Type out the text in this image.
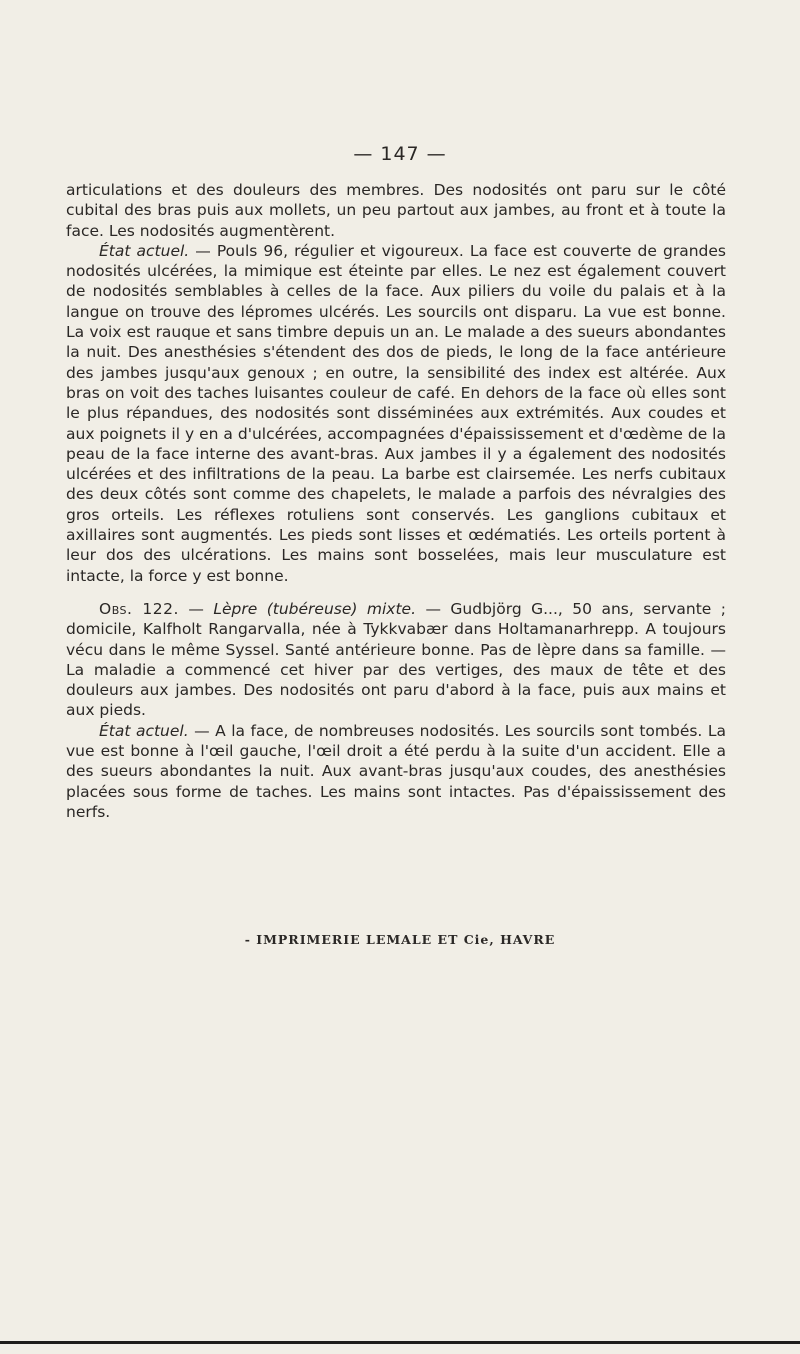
— 147 —

articulations et des douleurs des membres. Des nodosités ont paru sur le côté cubital des bras puis aux mollets, un peu partout aux jambes, au front et à toute la face. Les nodosités augmentèrent.

État actuel. — Pouls 96, régulier et vigoureux. La face est couverte de grandes nodosités ulcérées, la mimique est éteinte par elles. Le nez est également couvert de nodosités semblables à celles de la face. Aux piliers du voile du palais et à la langue on trouve des lépromes ulcérés. Les sourcils ont disparu. La vue est bonne. La voix est rauque et sans timbre depuis un an. Le malade a des sueurs abondantes la nuit. Des anesthésies s'étendent des dos de pieds, le long de la face antérieure des jambes jusqu'aux genoux ; en outre, la sensibilité des index est altérée. Aux bras on voit des taches luisantes couleur de café. En dehors de la face où elles sont le plus répandues, des nodosités sont disséminées aux extrémités. Aux coudes et aux poignets il y en a d'ulcérées, accompagnées d'épaississement et d'œdème de la peau de la face interne des avant-bras. Aux jambes il y a également des nodosités ulcérées et des infiltrations de la peau. La barbe est clairsemée. Les nerfs cubitaux des deux côtés sont comme des chapelets, le malade a parfois des névralgies des gros orteils. Les réflexes rotuliens sont conservés. Les ganglions cubitaux et axillaires sont augmentés. Les pieds sont lisses et œdématiés. Les orteils portent à leur dos des ulcérations. Les mains sont bosselées, mais leur musculature est intacte, la force y est bonne.

Obs. 122. — Lèpre (tubéreuse) mixte. — Gudbjörg G..., 50 ans, servante ; domicile, Kalfholt Rangarvalla, née à Tykkvabær dans Holtamanarhrepp. A toujours vécu dans le même Syssel. Santé antérieure bonne. Pas de lèpre dans sa famille. — La maladie a commencé cet hiver par des vertiges, des maux de tête et des douleurs aux jambes. Des nodosités ont paru d'abord à la face, puis aux mains et aux pieds.

État actuel. — A la face, de nombreuses nodosités. Les sourcils sont tombés. La vue est bonne à l'œil gauche, l'œil droit a été perdu à la suite d'un accident. Elle a des sueurs abondantes la nuit. Aux avant-bras jusqu'aux coudes, des anesthésies placées sous forme de taches. Les mains sont intactes. Pas d'épaississement des nerfs.

- IMPRIMERIE LEMALE ET Cie, HAVRE
